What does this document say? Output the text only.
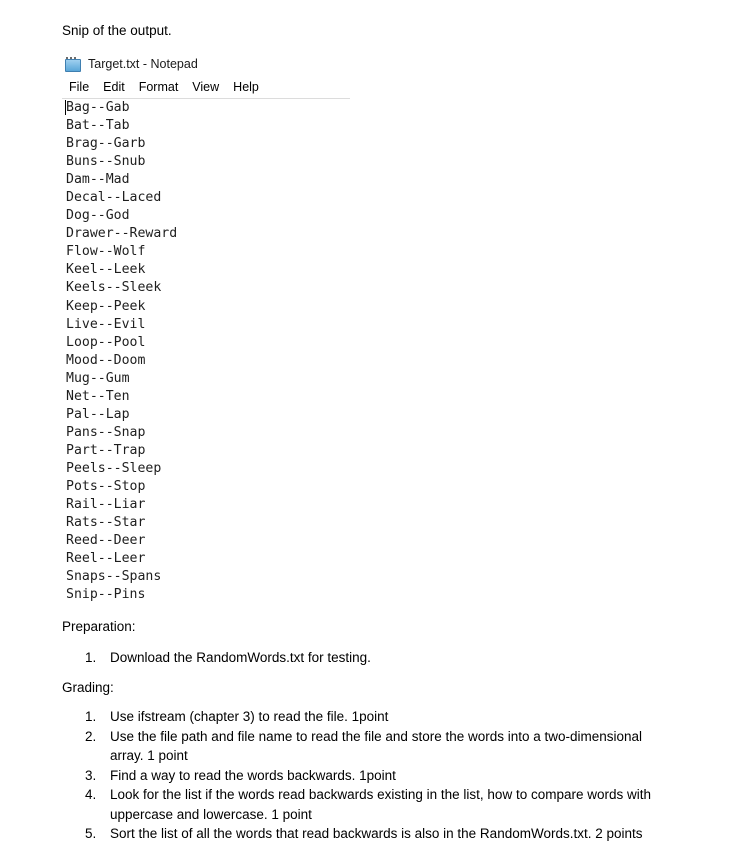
Snip of the output.
Target.txt - Notepad
File	Edit	Format	View	Help
Bag--Gab
Bat--Tab
Brag--Garb
Buns--Snub
Dam--Mad
Decal--Laced
Dog--God
Drawer--Reward
Flow--Wolf
Keel--Leek
Keels--Sleek
Keep--Peek
Live--Evil
Loop--Pool
Mood--Doom
Mug--Gum
Net--Ten
Pal--Lap
Pans--Snap
Part--Trap
Peels--Sleep
Pots--Stop
Rail--Liar
Rats--Star
Reed--Deer
Reel--Leer
Snaps--Spans
Snip--Pins
Preparation:
1. Download the RandomWords.txt for testing.
Grading:
1. Use ifstream (chapter 3) to read the file. 1point
2. Use the file path and file name to read the file and store the words into a two-dimensional array. 1 point
3. Find a way to read the words backwards. 1point
4. Look for the list if the words read backwards existing in the list, how to compare words with uppercase and lowercase. 1 point
5. Sort the list of all the words that read backwards is also in the RandomWords.txt. 2 points
